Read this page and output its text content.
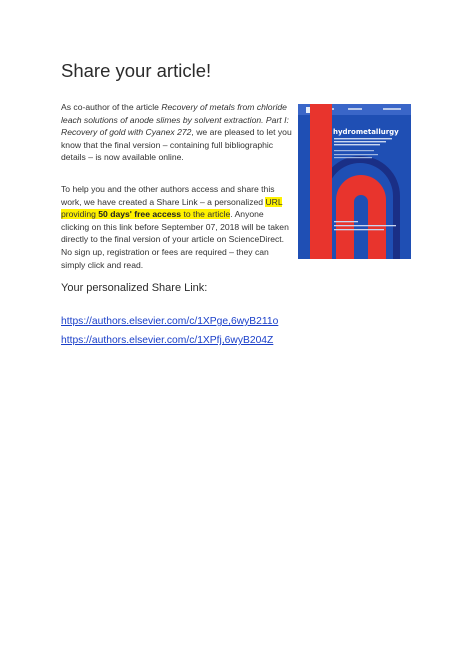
Share your article!
As co-author of the article Recovery of metals from chloride leach solutions of anode slimes by solvent extraction. Part I: Recovery of gold with Cyanex 272, we are pleased to let you know that the final version – containing full bibliographic details – is now available online.
To help you and the other authors access and share this work, we have created a Share Link – a personalized URL providing 50 days' free access to the article. Anyone clicking on this link before September 07, 2018 will be taken directly to the final version of your article on ScienceDirect. No sign up, registration or fees are required – they can simply click and read.
hydrometallurgy
Your personalized Share Link:
https://authors.elsevier.com/c/1XPge,6wyB211o
https://authors.elsevier.com/c/1XPfj,6wyB204Z
